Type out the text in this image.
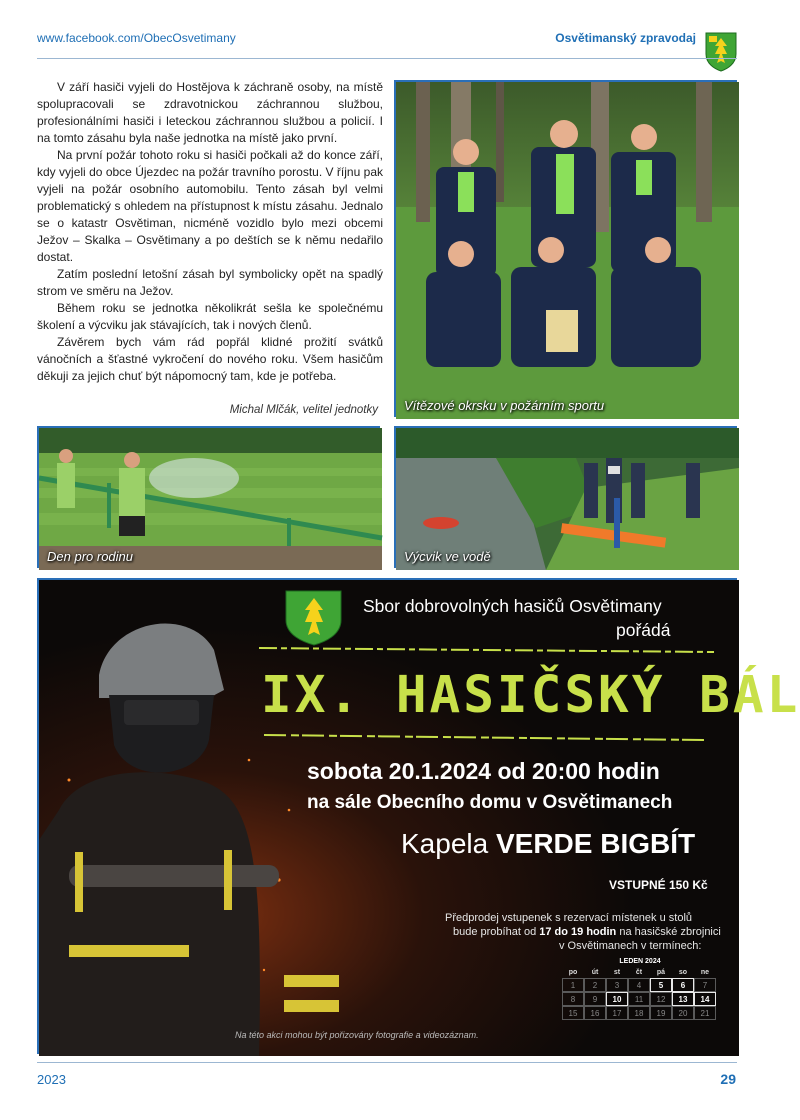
www.facebook.com/ObecOsvetimany	Osvětimanský zpravodaj

V září hasiči vyjeli do Hostějova k záchraně osoby, na místě spolupracovali se zdravotnickou záchrannou službou, profesionálními hasiči i leteckou záchrannou službou a policií. I na tomto zásahu byla naše jednotka na místě jako první.

Na první požár tohoto roku si hasiči počkali až do konce září, kdy vyjeli do obce Újezdec na požár travního porostu. V říjnu pak vyjeli na požár osobního automobilu. Tento zásah byl velmi problematický s ohledem na přístupnost k místu zásahu. Jednalo se o katastr Osvětiman, nicméně vozidlo bylo mezi obcemi Ježov – Skalka – Osvětimany a po deštích se k němu nedařilo dostat.

Zatím poslední letošní zásah byl symbolicky opět na spadlý strom ve směru na Ježov.

Během roku se jednotka několikrát sešla ke společnému školení a výcviku jak stávajících, tak i nových členů.

Závěrem bych vám rád popřál klidné prožití svátků vánočních a šťastné vykročení do nového roku. Všem hasičům děkuji za jejich chuť být nápomocný tam, kde je potřeba.

Michal Mlčák, velitel jednotky Vítězové okrsku v požárním sportu
Den pro rodinu	Výcvik ve vodě
Sbor dobrovolných hasičů Osvětimany
pořádá
IX. HASIČSKÝ BÁL
sobota 20.1.2024 od 20:00 hodin
na sále Obecního domu v Osvětimanech
Kapela VERDE BIGBÍT
VSTUPNÉ 150 Kč
Předprodej vstupenek s rezervací místenek u stolů
bude probíhat od 17 do 19 hodin na hasičské zbrojnici
v Osvětimanech v termínech:
Na této akci mohou být pořizovány fotografie a videozáznam.
LEDEN 2024
po	út	st	čt	pá	so	ne
1	2	3	4	5	6	7
8	9	10	11	12	13	14
15	16	17	18	19	20	21
2023	29
